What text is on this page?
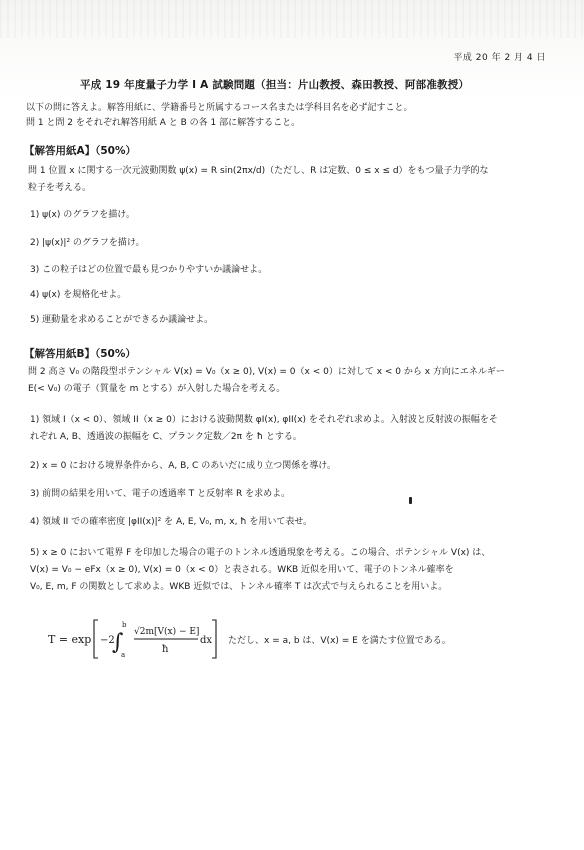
平成 20 年 2 月 4 日
平成 19 年度量子力学 I A 試験問題（担当：片山教授、森田教授、阿部准教授）
以下の問に答えよ。解答用紙に、学籍番号と所属するコース名または学科目名を必ず記すこと。
問 1 と問 2 をそれぞれ解答用紙 A と B の各 1 部に解答すること。
【解答用紙A】（50%）
問 1 位置 x に関する一次元波動関数 ψ(x) = R sin(2πx/d)（ただし、R は定数、0 ≤ x ≤ d）をもつ量子力学的な
粒子を考える。
1) ψ(x) のグラフを描け。
2) |ψ(x)|² のグラフを描け。
3) この粒子はどの位置で最も見つかりやすいか議論せよ。
4) ψ(x) を規格化せよ。
5) 運動量を求めることができるか議論せよ。
【解答用紙B】（50%）
問 2 高さ V₀ の階段型ポテンシャル V(x) = V₀（x ≥ 0), V(x) = 0（x < 0）に対して x < 0 から x 方向にエネルギー
E(< V₀) の電子（質量を m とする）が入射した場合を考える。
1) 領域 I（x < 0）、領域 II（x ≥ 0）における波動関数 φI(x), φII(x) をそれぞれ求めよ。入射波と反射波の振幅をそ
れぞれ A, B、透過波の振幅を C、プランク定数／2π を ħ とする。
2) x = 0 における境界条件から、A, B, C のあいだに成り立つ関係を導け。
3) 前問の結果を用いて、電子の透過率 T と反射率 R を求めよ。
4) 領域 II での確率密度 |φII(x)|² を A, E, V₀, m, x, ħ を用いて表せ。
5) x ≥ 0 において電界 F を印加した場合の電子のトンネル透過現象を考える。この場合、ポテンシャル V(x) は、
V(x) = V₀ − eFx（x ≥ 0), V(x) = 0（x < 0）と表される。WKB 近似を用いて、電子のトンネル確率を
V₀, E, m, F の関数として求めよ。WKB 近似では、トンネル確率 T は次式で与えられることを用いよ。
T = exp −2
∫
b
a
√2m[V(x) − E]
ħ
dx ただし、x = a, b は、V(x) = E を満たす位置である。
